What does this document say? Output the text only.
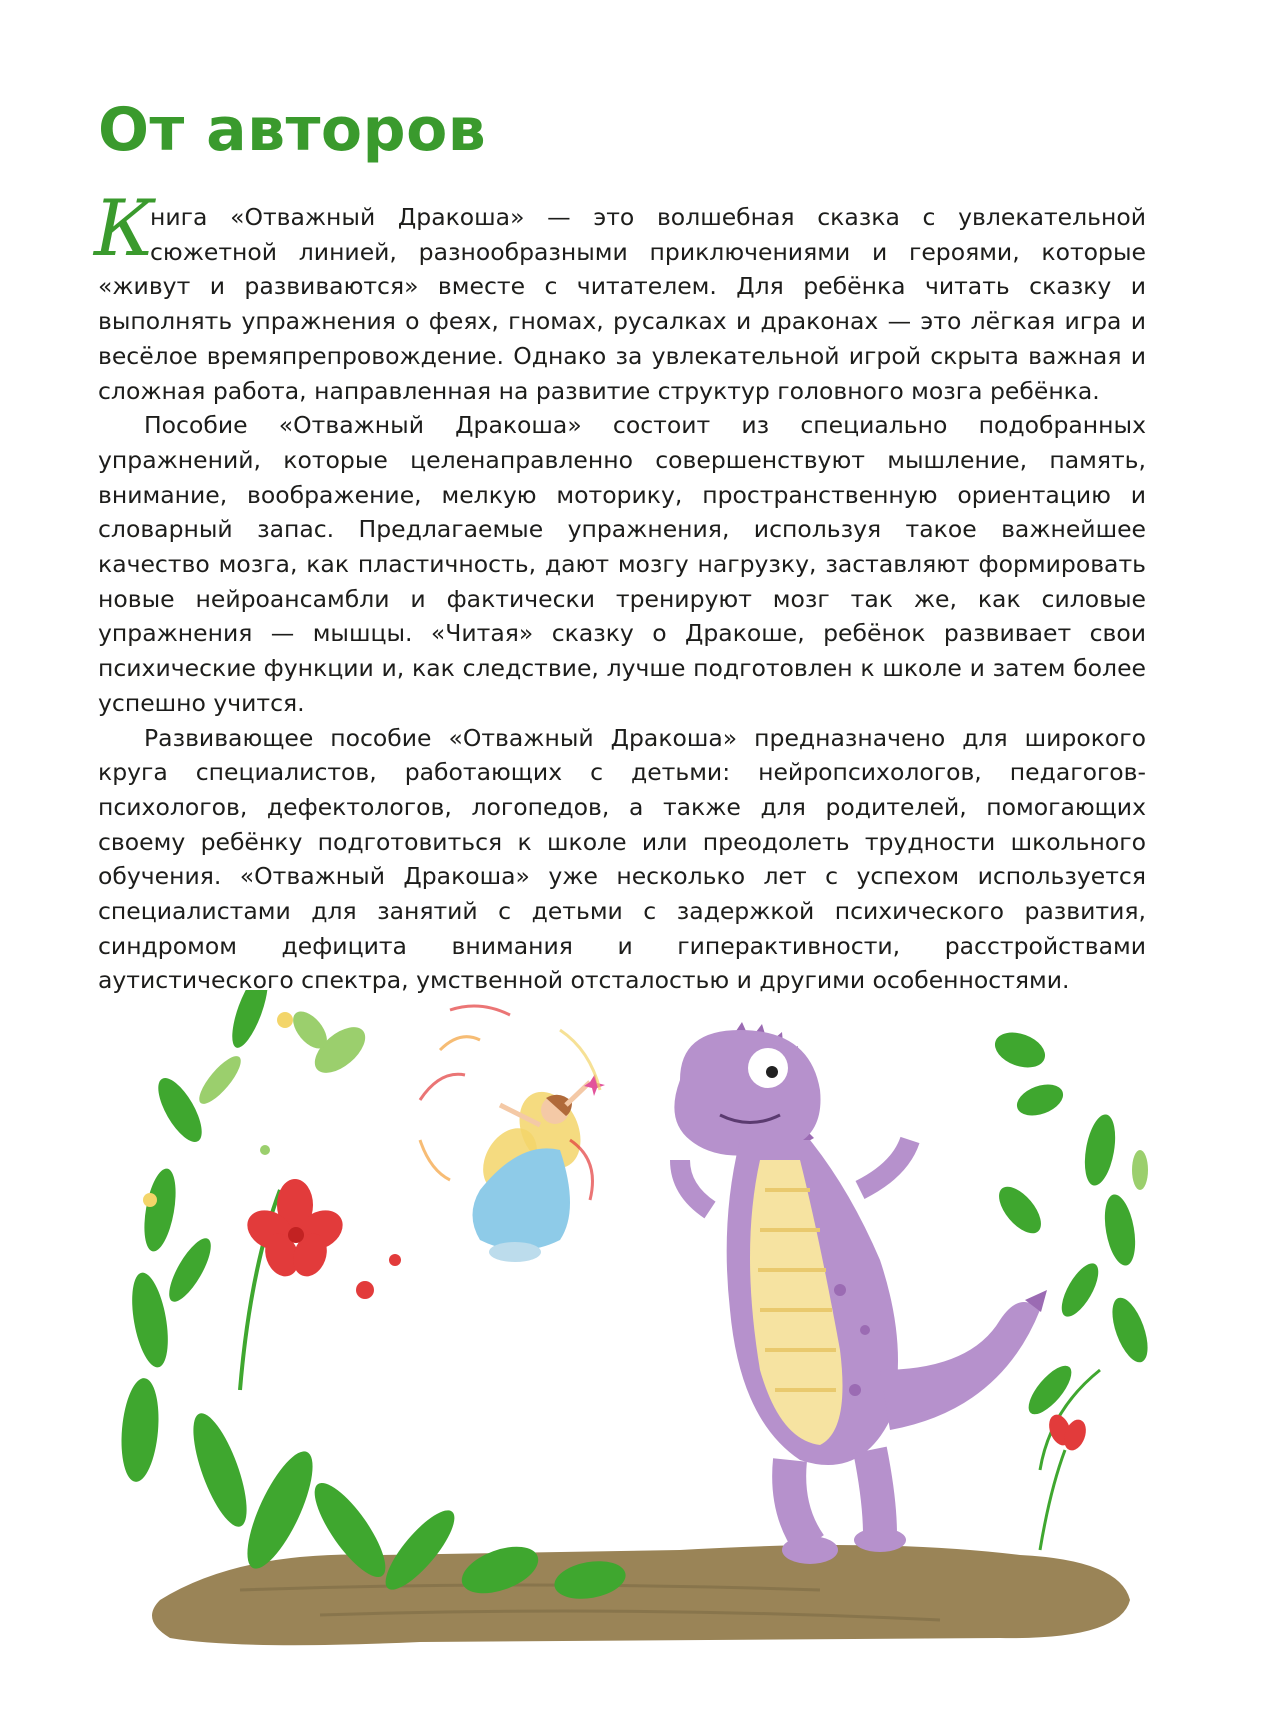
От авторов

К
нига «Отважный Дракоша» — это волшебная сказка с увлекательной сюжетной линией, разнообразными приключениями и героями, которые «живут и развиваются» вместе с читателем. Для ребёнка читать сказку и выполнять упражнения о феях, гномах, русалках и драконах — это лёгкая игра и весёлое времяпрепровождение. Однако за увлекательной игрой скрыта важная и сложная работа, направленная на развитие структур головного мозга ребёнка.

Пособие «Отважный Дракоша» состоит из специально подобранных упражнений, которые целенаправленно совершенствуют мышление, память, внимание, воображение, мелкую моторику, пространственную ориентацию и словарный запас. Предлагаемые упражнения, используя такое важнейшее качество мозга, как пластичность, дают мозгу нагрузку, заставляют формировать новые нейроансамбли и фактически тренируют мозг так же, как силовые упражнения — мышцы. «Читая» сказку о Дракоше, ребёнок развивает свои психические функции и, как следствие, лучше подготовлен к школе и затем более успешно учится.

Развивающее пособие «Отважный Дракоша» предназначено для широкого круга специалистов, работающих с детьми: нейропсихологов, педагогов-психологов, дефектологов, логопедов, а также для родителей, помогающих своему ребёнку подготовиться к школе или преодолеть трудности школьного обучения. «Отважный Дракоша» уже несколько лет с успехом используется специалистами для занятий с детьми с задержкой психического развития, синдромом дефицита внимания и гиперактивности, расстройствами аутистического спектра, умственной отсталостью и другими особенностями.
